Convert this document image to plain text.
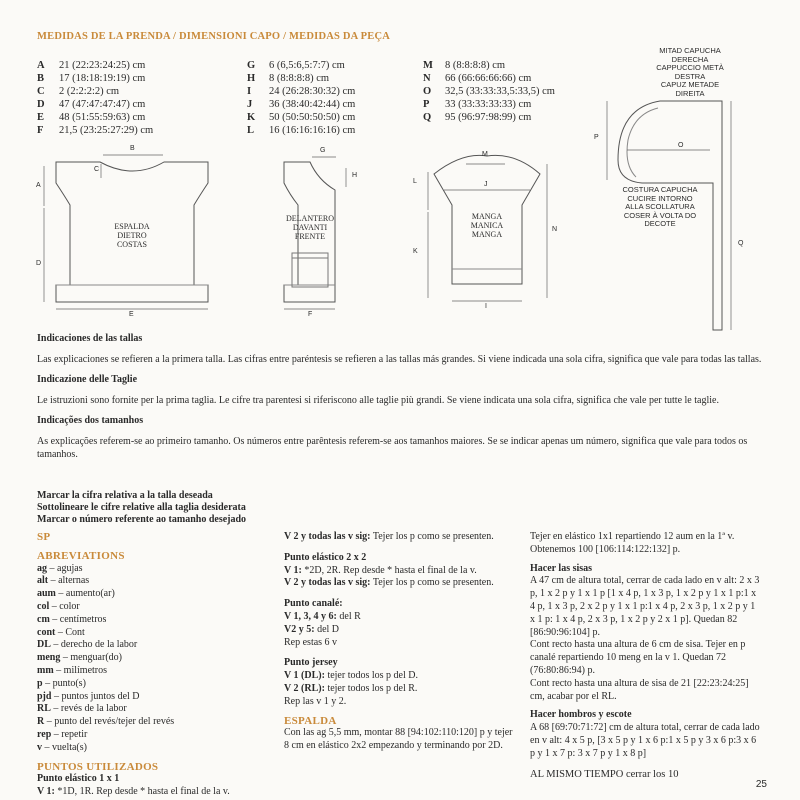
MEDIDAS DE LA PRENDA / DIMENSIONI CAPO / MEDIDAS DA PEÇA
A 21 (22:23:24:25) cm
B 17 (18:18:19:19) cm
C 2 (2:2:2:2) cm
D 47 (47:47:47:47) cm
E 48 (51:55:59:63) cm
F 21,5 (23:25:27:29) cm
G 6 (6,5:6,5:7:7) cm
H 8 (8:8:8:8) cm
I 24 (26:28:30:32) cm
J 36 (38:40:42:44) cm
K 50 (50:50:50:50) cm
L 16 (16:16:16:16) cm
M 8 (8:8:8:8) cm
N 66 (66:66:66:66) cm
O 32,5 (33:33:33,5:33,5) cm
P 33 (33:33:33:33) cm
Q 95 (96:97:98:99) cm
A
B
C
D
E	F
G
H
I
J
K
L
M
N
O
P
Q
ESPALDA
DIETRO
COSTAS
DELANTERO
DAVANTI
FRENTE
MANGA
MANICA
MANGA
MITAD CAPUCHA
DERECHA
CAPPUCCIO METÀ
DESTRA
CAPUZ METADE
DIREITA
COSTURA CAPUCHA
CUCIRE INTORNO
ALLA SCOLLATURA
COSER À VOLTA DO
DECOTE
Indicaciones de las tallas
Las explicaciones se refieren a la primera talla. Las cifras entre paréntesis se refieren a las tallas más grandes. Si viene indicada una sola cifra, significa que vale para todas las tallas.
Indicazione delle Taglie
Le istruzioni sono fornite per la prima taglia. Le cifre tra parentesi si riferiscono alle taglie più grandi. Se viene indicata una sola cifra, significa che vale per tutte le taglie.
Indicações dos tamanhos
As explicações referem-se ao primeiro tamanho. Os números entre parêntesis referem-se aos tamanhos maiores. Se se indicar apenas um número, significa que vale para todos os tamanhos.
Marcar la cifra relativa a la talla deseada
Sottolineare le cifre relative alla taglia desiderata
Marcar o número referente ao tamanho desejado
SP
ABREVIATIONS
ag – agujas
alt – alternas
aum – aumento(ar)
col – color
cm – centímetros
cont – Cont
DL – derecho de la labor
meng – menguar(do)
mm – milímetros
p – punto(s)
pjd – puntos juntos del D
RL – revés de la labor
R – punto del revés/tejer del revés
rep – repetir
v – vuelta(s)
PUNTOS UTILIZADOS
Punto elástico 1 x 1
V 1: *1D, 1R. Rep desde * hasta el final de la v.
V 2 y todas las v sig: Tejer los p como se presenten.
Punto elástico 2 x 2
V 1: *2D, 2R. Rep desde * hasta el final de la v.
V 2 y todas las v sig: Tejer los p como se presenten.
Punto canalé:
V 1, 3, 4 y 6: del R
V2 y 5: del D
Rep estas 6 v
Punto jersey
V 1 (DL): tejer todos los p del D.
V 2 (RL): tejer todos los p del R.
Rep las v 1 y 2.
ESPALDA
Con las ag 5,5 mm, montar 88 [94:102:110:120] p y tejer 8 cm en elástico 2x2 empezando y terminando por 2D.
Tejer en elástico 1x1 repartiendo 12 aum en la 1ª v. Obtenemos 100 [106:114:122:132] p.
Hacer las sisas
A 47 cm de altura total, cerrar de cada lado en v alt: 2 x 3 p, 1 x 2 p y 1 x 1 p [1 x 4 p, 1 x 3 p, 1 x 2 p y 1 x 1 p:1 x 4 p, 1 x 3 p, 2 x 2 p y 1 x 1 p:1 x 4 p, 2 x 3 p, 1 x 2 p y 1 x 1 p: 1 x 4 p, 2 x 3 p, 1 x 2 p y 2 x 1 p]. Quedan 82 [86:90:96:104] p.
Cont recto hasta una altura de 6 cm de sisa. Tejer en p canalé repartiendo 10 meng en la v 1. Quedan 72 (76:80:86:94) p.
Cont recto hasta una altura de sisa de 21 [22:23:24:25] cm, acabar por el RL.
Hacer hombros y escote
A 68 [69:70:71:72] cm de altura total, cerrar de cada lado en v alt: 4 x 5 p, [3 x 5 p y 1 x 6 p:1 x 5 p y 3 x 6 p:3 x 6 p y 1 x 7 p: 3 x 7 p y 1 x 8 p]
AL MISMO TIEMPO cerrar los 10
25
